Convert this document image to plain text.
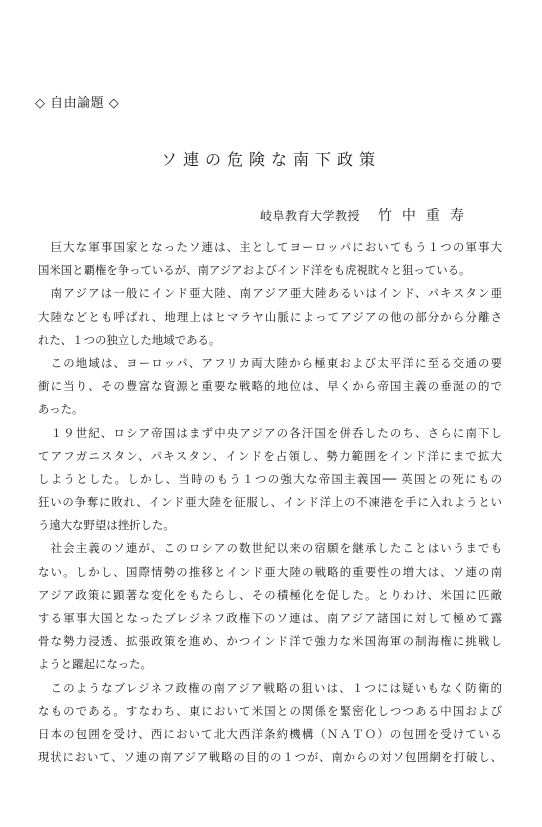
◇ 自由論題 ◇
ソ連の危険な南下政策
岐阜教育大学教授 竹中重寿
　巨大な軍事国家となったソ連は、主としてヨーロッパにおいてもう１つの軍事大
国米国と覇権を争っているが、南アジアおよびインド洋をも虎視眈々と狙っている。
　南アジアは一般にインド亜大陸、南アジア亜大陸あるいはインド、パキスタン亜
大陸などとも呼ばれ、地理上はヒマラヤ山脈によってアジアの他の部分から分離さ
れた、１つの独立した地域である。
　この地域は、ヨーロッパ、アフリカ両大陸から極東および太平洋に至る交通の要
衝に当り、その豊富な資源と重要な戦略的地位は、早くから帝国主義の垂涎の的で
あった。
　１９世紀、ロシア帝国はまず中央アジアの各汗国を併呑したのち、さらに南下し
てアフガニスタン、パキスタン、インドを占領し、勢力範囲をインド洋にまで拡大
しようとした。しかし、当時のもう１つの強大な帝国主義国── 英国との死にもの
狂いの争奪に敗れ、インド亜大陸を征服し、インド洋上の不凍港を手に入れようとい
う遠大な野望は挫折した。
　社会主義のソ連が、このロシアの数世紀以来の宿願を継承したことはいうまでも
ない。しかし、国際情勢の推移とインド亜大陸の戦略的重要性の増大は、ソ連の南
アジア政策に顕著な変化をもたらし、その積極化を促した。とりわけ、米国に匹敵
する軍事大国となったブレジネフ政権下のソ連は、南アジア諸国に対して極めて露
骨な勢力浸透、拡張政策を進め、かつインド洋で強力な米国海軍の制海権に挑戦し
ようと躍起になった。
　このようなブレジネフ政権の南アジア戦略の狙いは、１つには疑いもなく防衛的
なものである。すなわち、東において米国との関係を緊密化しつつある中国および
日本の包囲を受け、西において北大西洋条約機構（ＮＡＴＯ）の包囲を受けている
現状において、ソ連の南アジア戦略の目的の１つが、南からの対ソ包囲網を打破し、
